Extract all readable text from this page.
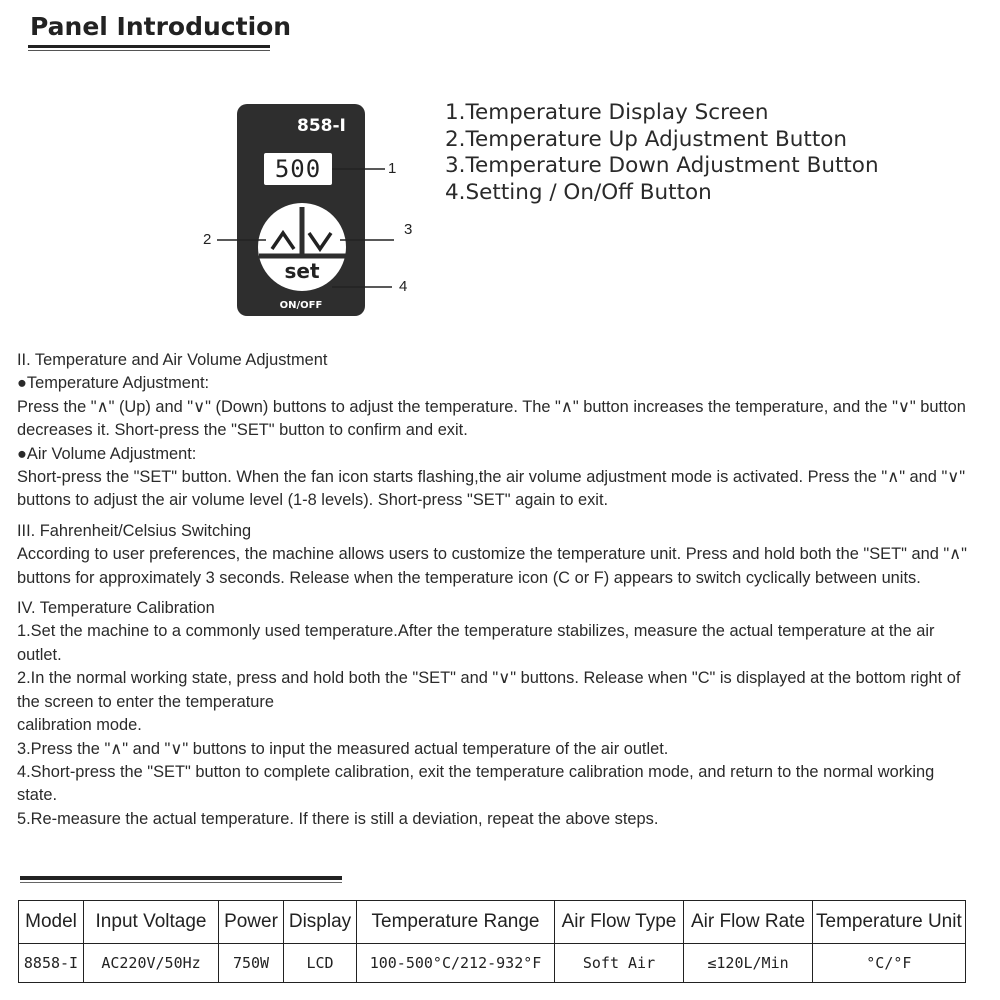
Panel Introduction
858-I
500
set
ON/OFF
1
2
3
4
1.Temperature Display Screen
2.Temperature Up Adjustment Button
3.Temperature Down Adjustment Button
4.Setting / On/Off Button

II. Temperature and Air Volume Adjustment

●Temperature Adjustment:

Press the "∧" (Up) and "∨" (Down) buttons to adjust the temperature. The "∧" button increases the temperature, and the "∨" button decreases it. Short-press the "SET" button to confirm and exit.

●Air Volume Adjustment:

Short-press the "SET" button. When the fan icon starts flashing,the air volume adjustment mode is activated. Press the "∧" and "∨" buttons to adjust the air volume level (1-8 levels). Short-press "SET" again to exit.

III. Fahrenheit/Celsius Switching

According to user preferences, the machine allows users to customize the temperature unit. Press and hold both the "SET" and "∧" buttons for approximately 3 seconds. Release when the temperature icon (C or F) appears to switch cyclically between units.

IV. Temperature Calibration

1.Set the machine to a commonly used temperature.After the temperature stabilizes, measure the actual temperature at the air outlet.

2.In the normal working state, press and hold both the "SET" and "∨" buttons. Release when "C" is displayed at the bottom right of the screen to enter the temperature

calibration mode.

3.Press the "∧" and "∨" buttons to input the measured actual temperature of the air outlet.

4.Short-press the "SET" button to complete calibration, exit the temperature calibration mode, and return to the normal working state.

5.Re-measure the actual temperature. If there is still a deviation, repeat the above steps.

Model	Input Voltage	Power	Display	Temperature Range	Air Flow Type	Air Flow Rate	Temperature Unit
8858-I	AC220V/50Hz	750W	LCD	100-500°C/212-932°F	Soft Air	≤120L/Min	°C/°F
